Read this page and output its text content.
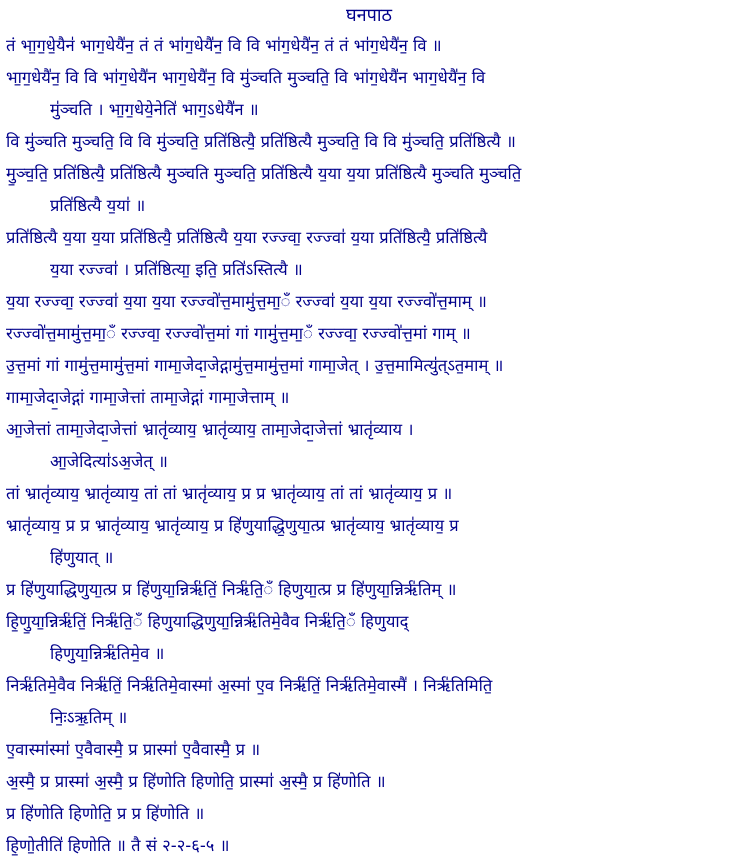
घनपाठ
तं भा॒ग॒धे॒यैन॑ भाग॒धेयै॑न॒ तं तं भा॑ग॒धेयै॑न॒ वि वि भा॑ग॒धेयै॑न॒ तं तं भा॑ग॒धेयै॑न॒ वि ॥
भा॒ग॒धेयै॑न॒ वि वि भा॑ग॒धेयै॑न भाग॒धेयै॑न॒ वि मु॑ञ्चति मुञ्चति॒ वि भा॑ग॒धेयै॑न भाग॒धेयै॑न॒ वि
मु॑ञ्चति । भा॒ग॒धेये॒नेति॑ भाग॒ऽधेयै॑न ॥
वि मु॑ञ्चति मुञ्चति॒ वि वि मु॑ञ्चति॒ प्रति॑ष्ठित्यै॒ प्रति॑ष्ठित्यै मुञ्चति॒ वि वि मु॑ञ्चति॒ प्रति॑ष्ठित्यै ॥
मु॒ञ्च॒ति॒ प्रति॑ष्ठित्यै॒ प्रति॑ष्ठित्यै मुञ्चति मुञ्चति॒ प्रति॑ष्ठित्यै य॒या य॒या प्रति॑ष्ठित्यै मुञ्चति मुञ्चति॒
प्रति॑ष्ठित्यै य॒या॑ ॥
प्रति॑ष्ठित्यै य॒या य॒या प्रति॑ष्ठित्यै॒ प्रति॑ष्ठित्यै य॒या रज्ज्वा॒ रज्ज्वा॑ य॒या प्रति॑ष्ठित्यै॒ प्रति॑ष्ठित्यै
य॒या रज्ज्वा॑ । प्रति॑ष्ठित्या॒ इति॒ प्रति॑ऽस्तित्यै ॥
य॒या रज्ज्वा॒ रज्ज्वा॑ य॒या य॒या रज्ज्वो॑त्त॒मामु॑त्त॒मा॒ँ रज्ज्वा॑ य॒या य॒या रज्ज्वो॑त्त॒माम् ॥
रज्ज्वो॑त्त॒मामु॑त्त॒मा॒ँ रज्ज्वा॒ रज्ज्वो॑त्त॒मां गां गामु॑त्त॒मा॒ँ रज्ज्वा॒ रज्ज्वो॑त्त॒मां गाम् ॥
उ॒त्त॒मां गां गामु॑त्त॒मामु॑त्त॒मां गामा॒जेदा॒जेद्गामु॑त्त॒मामु॑त्त॒मां गामा॒जेत् । उ॒त्त॒मामित्यु॑त्ऽत॒माम् ॥
गामा॒जेदा॒जेद्गां गामा॒जेत्तां तामा॒जेद्गां गामा॒जेत्ताम् ॥
आ॒जेत्तां तामा॒जेदा॒जेत्तां भ्रातृ॑व्याय॒ भ्रातृ॑व्याय॒ तामा॒जेदा॒जेत्तां भ्रातृ॑व्याय ।
आ॒जेदित्या॑ऽअ॒जेत् ॥
तां भ्रातृ॑व्याय॒ भ्रातृ॑व्याय॒ तां तां भ्रातृ॑व्याय॒ प्र प्र भ्रातृ॑व्याय॒ तां तां भ्रातृ॑व्याय॒ प्र ॥
भ्रातृ॑व्याय॒ प्र प्र भ्रातृ॑व्याय॒ भ्रातृ॑व्याय॒ प्र हि॑णुयाद्धि॒णुया॒त्प्र भ्रातृ॑व्याय॒ भ्रातृ॑व्याय॒ प्र
हि॑णुयात् ॥
प्र हि॑णुयाद्धिणुया॒त्प्र प्र हि॑णुया॒न्निर्ऋ॑तिं॒ निर्ऋ॑ति॒ँ हिणुया॒त्प्र प्र हि॑णुया॒न्निर्ऋ॑तिम् ॥
हि॒णु॒या॒न्निर्ऋ॑तिं॒ निर्ऋ॑ति॒ँ हिणुयाद्धिणुया॒न्निर्ऋ॑तिमे॒वैव निर्ऋ॑ति॒ँ हिणुयाद्
हिणुया॒न्निर्ऋ॑तिमे॒व ॥
निर्ऋ॑तिमे॒वैव निर्ऋ॑तिं॒ निर्ऋ॑तिमे॒वास्मा॑ अ॒स्मा॑ ए॒व निर्ऋ॑तिं॒ निर्ऋ॑तिमे॒वास्मै॑ । निर्ऋ॑तिमिति॒
निः॒ऽऋ॒तिम् ॥
ए॒वास्मा॑स्मा॑ ए॒वैवास्मै॒ प्र प्रास्मा॑ ए॒वैवास्मै॒ प्र ॥
अ॒स्मै॒ प्र प्रास्मा॑ अ॒स्मै॒ प्र हि॑णोति हिणोति॒ प्रास्मा॑ अ॒स्मै॒ प्र हि॑णोति ॥
प्र हि॑णोति हिणोति॒ प्र प्र हि॑णोति ॥
हि॒णो॒तीति॑ हिणोति ॥ तै सं २-२-६-५ ॥
